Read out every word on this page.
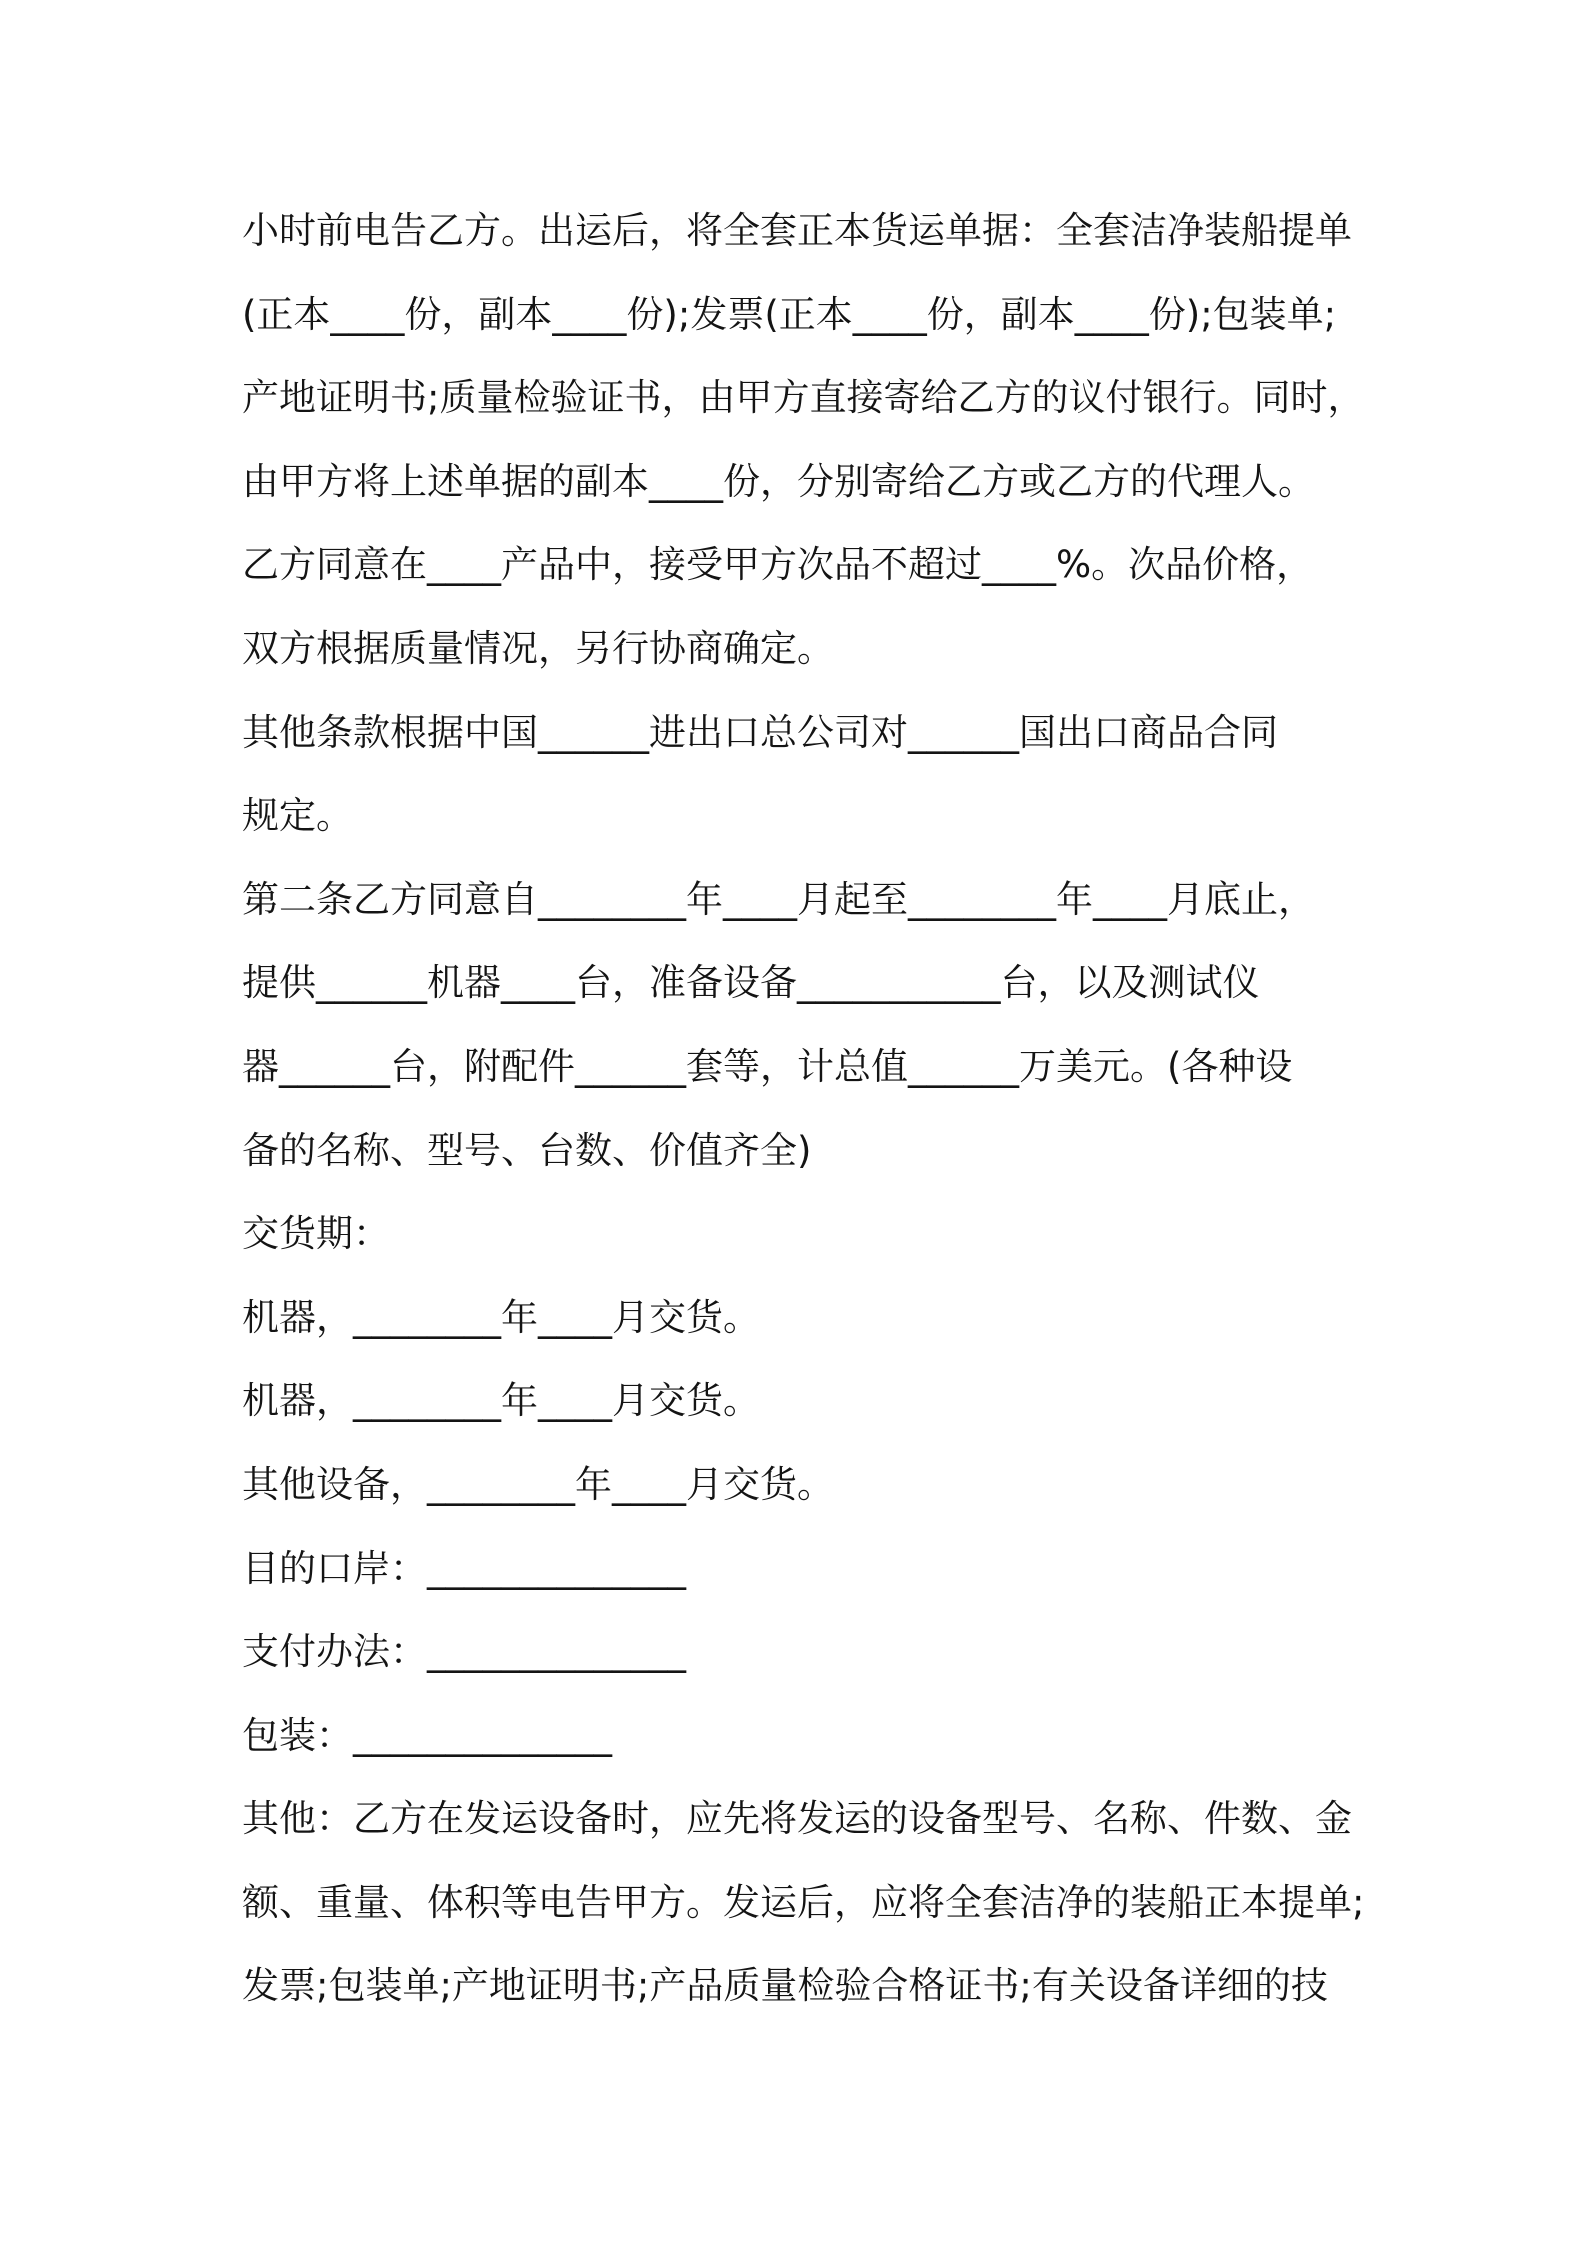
小时前电告乙方。出运后，将全套正本货运单据：全套洁净装船提单
(正本____份，副本____份);发票(正本____份，副本____份);包装单;
产地证明书;质量检验证书，由甲方直接寄给乙方的议付银行。同时，
由甲方将上述单据的副本____份，分别寄给乙方或乙方的代理人。
乙方同意在____产品中，接受甲方次品不超过____%。次品价格，
双方根据质量情况，另行协商确定。
其他条款根据中国______进出口总公司对______国出口商品合同
规定。
第二条乙方同意自________年____月起至________年____月底止，
提供______机器____台，准备设备___________台，以及测试仪
器______台，附配件______套等，计总值______万美元。(各种设
备的名称、型号、台数、价值齐全)
交货期：
机器，________年____月交货。
机器，________年____月交货。
其他设备，________年____月交货。
目的口岸：______________
支付办法：______________
包装：______________
其他：乙方在发运设备时，应先将发运的设备型号、名称、件数、金
额、重量、体积等电告甲方。发运后，应将全套洁净的装船正本提单;
发票;包装单;产地证明书;产品质量检验合格证书;有关设备详细的技
